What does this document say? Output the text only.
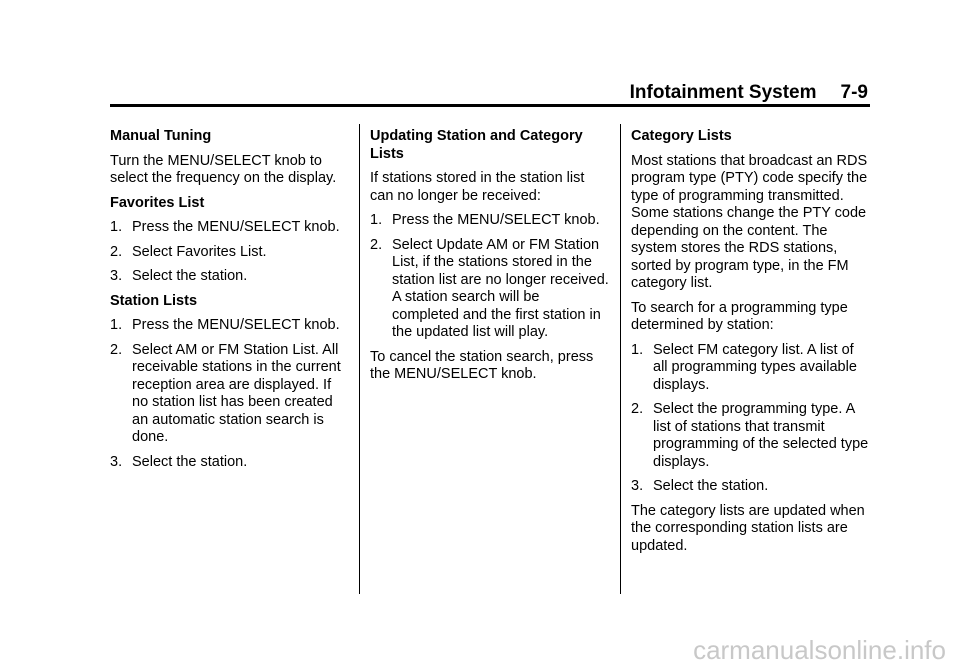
Infotainment System 7-9
Manual Tuning
Turn the MENU/SELECT knob to select the frequency on the display.
Favorites List
1. Press the MENU/SELECT knob.
2. Select Favorites List.
3. Select the station.
Station Lists
1. Press the MENU/SELECT knob.
2. Select AM or FM Station List. All receivable stations in the current reception area are displayed. If no station list has been created an automatic station search is done.
3. Select the station.
Updating Station and Category Lists
If stations stored in the station list can no longer be received:
1. Press the MENU/SELECT knob.
2. Select Update AM or FM Station List, if the stations stored in the station list are no longer received. A station search will be completed and the first station in the updated list will play.
To cancel the station search, press the MENU/SELECT knob.
Category Lists
Most stations that broadcast an RDS program type (PTY) code specify the type of programming transmitted. Some stations change the PTY code depending on the content. The system stores the RDS stations, sorted by program type, in the FM category list.
To search for a programming type determined by station:
1. Select FM category list. A list of all programming types available displays.
2. Select the programming type. A list of stations that transmit programming of the selected type displays.
3. Select the station.
The category lists are updated when the corresponding station lists are updated.
carmanualsonline.info
